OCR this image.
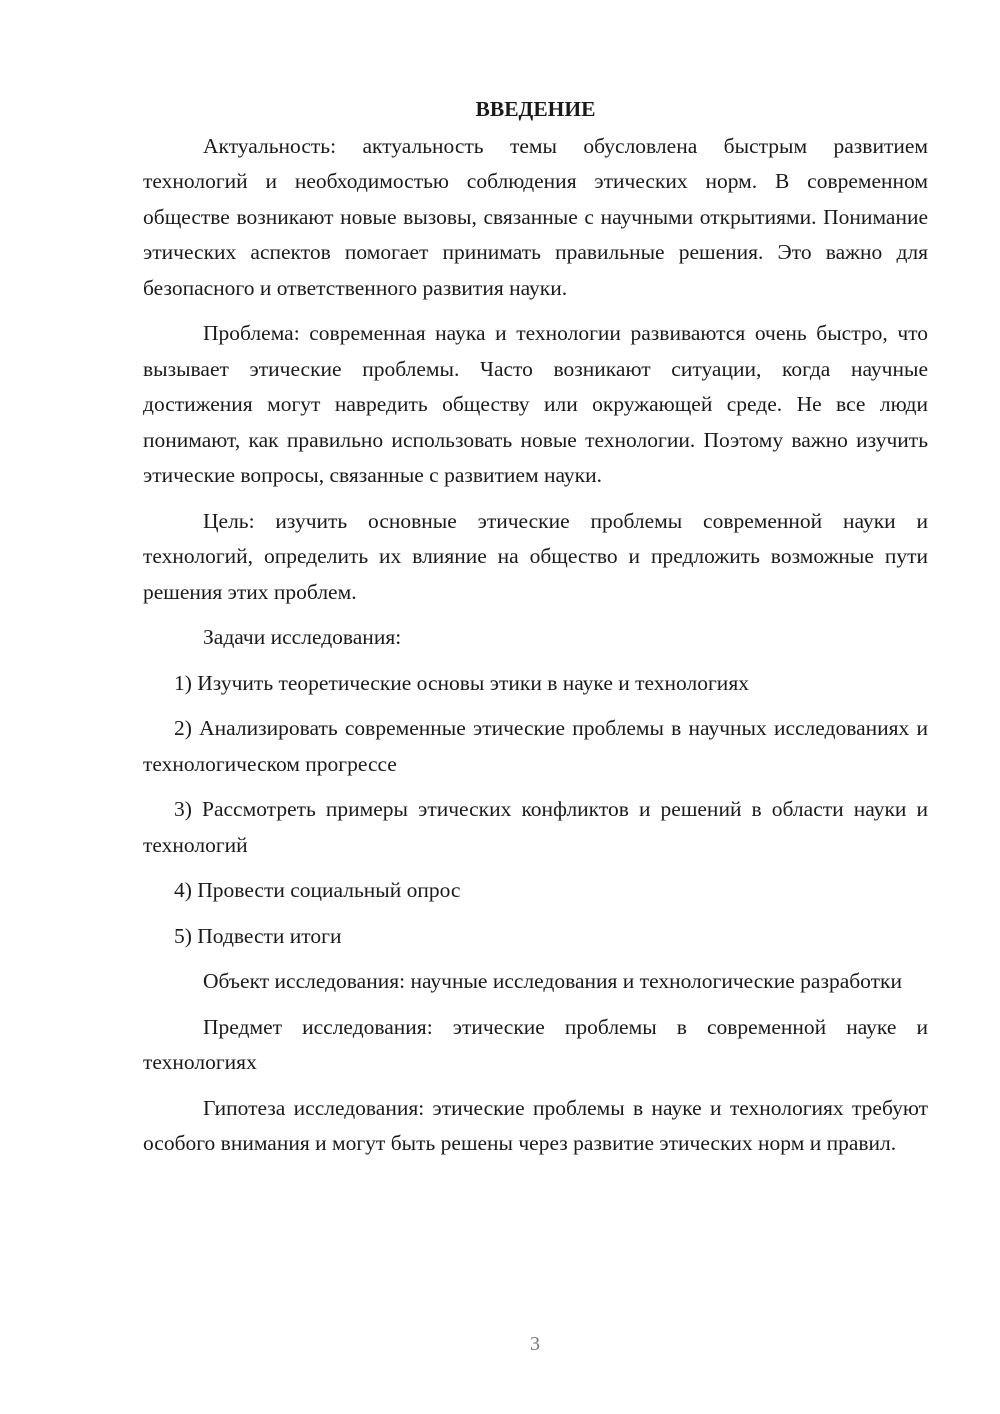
ВВЕДЕНИЕ

Актуальность: актуальность темы обусловлена быстрым развитием технологий и необходимостью соблюдения этических норм. В современном обществе возникают новые вызовы, связанные с научными открытиями. Понимание этических аспектов помогает принимать правильные решения. Это важно для безопасного и ответственного развития науки.

Проблема: современная наука и технологии развиваются очень быстро, что вызывает этические проблемы. Часто возникают ситуации, когда научные достижения могут навредить обществу или окружающей среде. Не все люди понимают, как правильно использовать новые технологии. Поэтому важно изучить этические вопросы, связанные с развитием науки.

Цель: изучить основные этические проблемы современной науки и технологий, определить их влияние на общество и предложить возможные пути решения этих проблем.

Задачи исследования:

1) Изучить теоретические основы этики в науке и технологиях

2) Анализировать современные этические проблемы в научных исследованиях и технологическом прогрессе

3) Рассмотреть примеры этических конфликтов и решений в области науки и технологий

4) Провести социальный опрос

5) Подвести итоги

Объект исследования: научные исследования и технологические разработки

Предмет исследования: этические проблемы в современной науке и технологиях

Гипотеза исследования: этические проблемы в науке и технологиях требуют особого внимания и могут быть решены через развитие этических норм и правил.

3
